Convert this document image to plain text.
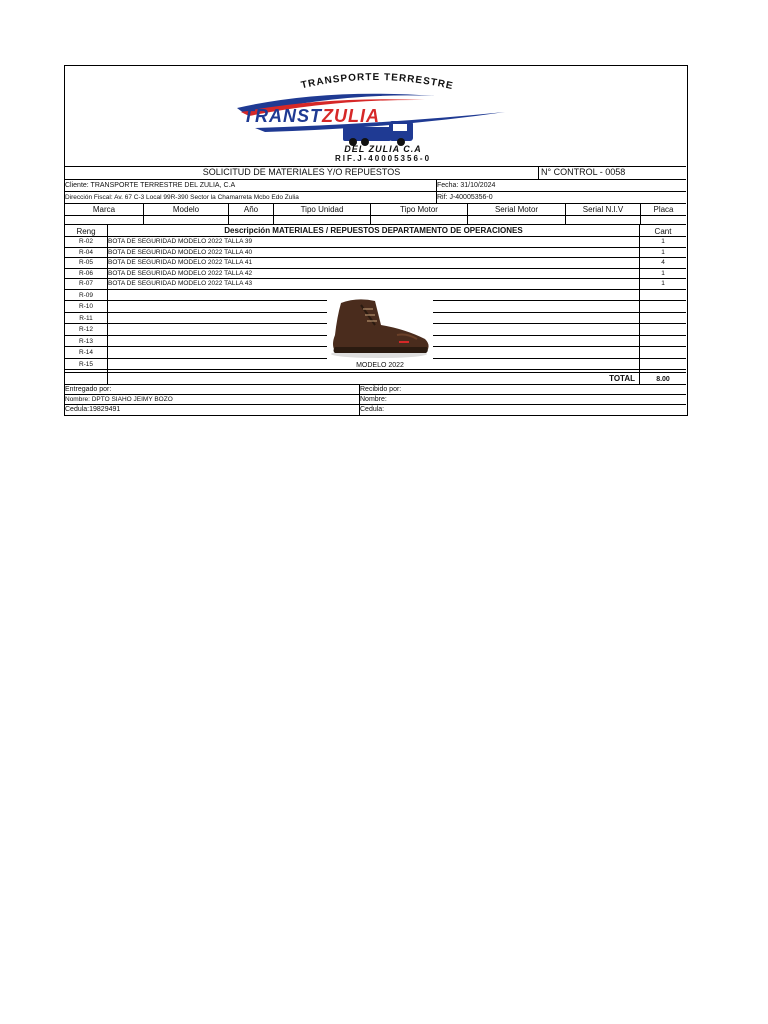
TRANSPORTE TERRESTRE
TRANSTZULIA
DEL ZULIA C.A
RIF.J-40005356-0
SOLICITUD DE MATERIALES Y/O REPUESTOS	N° CONTROL - 0058
Cliente: TRANSPORTE TERRESTRE DEL ZULIA, C.A	Fecha: 31/10/2024
Dirección Fiscal: Av. 67 C-3 Local 99R-390 Sector la Chamarreta Mcbo Edo Zulia	Rif: J-40005356-0
Marca	Modelo	Año	Tipo Unidad	Tipo Motor	Serial Motor	Serial N.I.V	Placa
Reng	Descripción MATERIALES / REPUESTOS DEPARTAMENTO DE OPERACIONES	Cant
R-02	BOTA DE SEGURIDAD MODELO 2022 TALLA 39	1
R-04	BOTA DE SEGURIDAD MODELO 2022 TALLA 40	1
R-05	BOTA DE SEGURIDAD MODELO 2022 TALLA 41	4
R-06	BOTA DE SEGURIDAD MODELO 2022 TALLA 42	1
R-07	BOTA DE SEGURIDAD MODELO 2022 TALLA 43	1
R-09
R-10
R-11
R-12
R-13
R-14
R-15
TOTAL	8.00
Entregado por:	Recibido por:
Nombre: DPTO SIAHO JEIMY BOZO	Nombre:
Cedula:19829491	Cedula:
MODELO 2022
